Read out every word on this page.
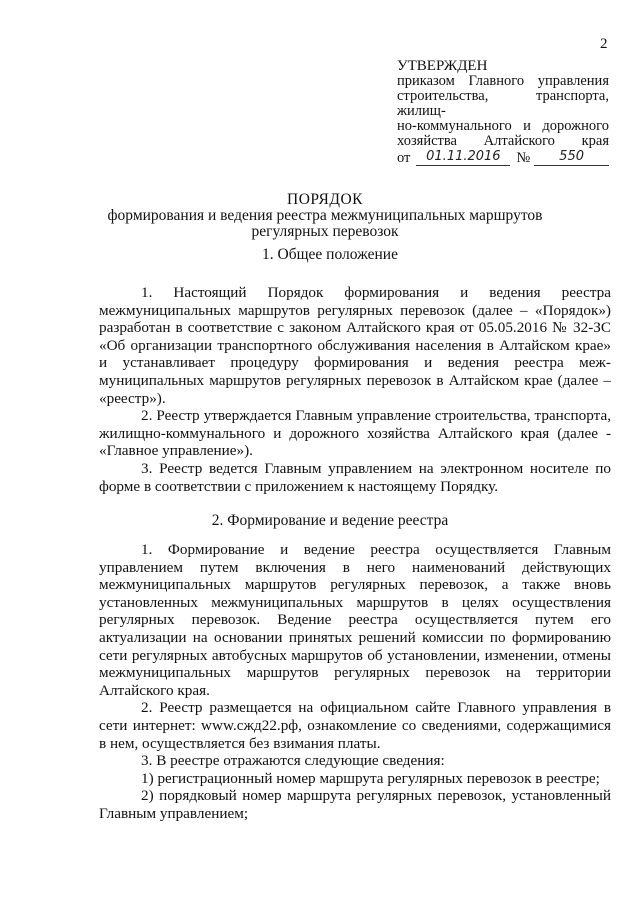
2
УТВЕРЖДЕН
приказом Главного управления
строительства, транспорта, жилищ-
но-коммунального и дорожного
хозяйства Алтайского края
от	01.11.2016	№	550
ПОРЯДОК
формирования и ведения реестра межмуниципальных маршрутов
регулярных перевозок
1. Общее положение

1. Настоящий Порядок формирования и ведения реестра межмуниципальных маршрутов регулярных перевозок (далее – «Порядок») разработан в соответствие с законом Алтайского края от 05.05.2016 № 32-ЗС «Об организации транспортного обслуживания населения в Алтайском крае» и устанавливает процедуру формирования и ведения реестра меж-муниципальных маршрутов регулярных перевозок в Алтайском крае (далее – «реестр»).

2. Реестр утверждается Главным управление строительства, транспорта, жилищно-коммунального и дорожного хозяйства Алтайского края (далее - «Главное управление»).

3. Реестр ведется Главным управлением на электронном носителе по форме в соответствии с приложением к настоящему Порядку.

2. Формирование и ведение реестра

1. Формирование и ведение реестра осуществляется Главным управлением путем включения в него наименований действующих межмуниципальных маршрутов регулярных перевозок, а также вновь установленных межмуниципальных маршрутов в целях осуществления регулярных перевозок. Ведение реестра осуществляется путем его актуализации на основании принятых решений комиссии по формированию сети регулярных автобусных маршрутов об установлении, изменении, отмены межмуниципальных маршрутов регулярных перевозок на территории Алтайского края.

2. Реестр размещается на официальном сайте Главного управления в сети интернет: www.сжд22.рф, ознакомление со сведениями, содержащимися в нем, осуществляется без взимания платы.

3. В реестре отражаются следующие сведения:

1) регистрационный номер маршрута регулярных перевозок в реестре;

2) порядковый номер маршрута регулярных перевозок, установленный Главным управлением;
